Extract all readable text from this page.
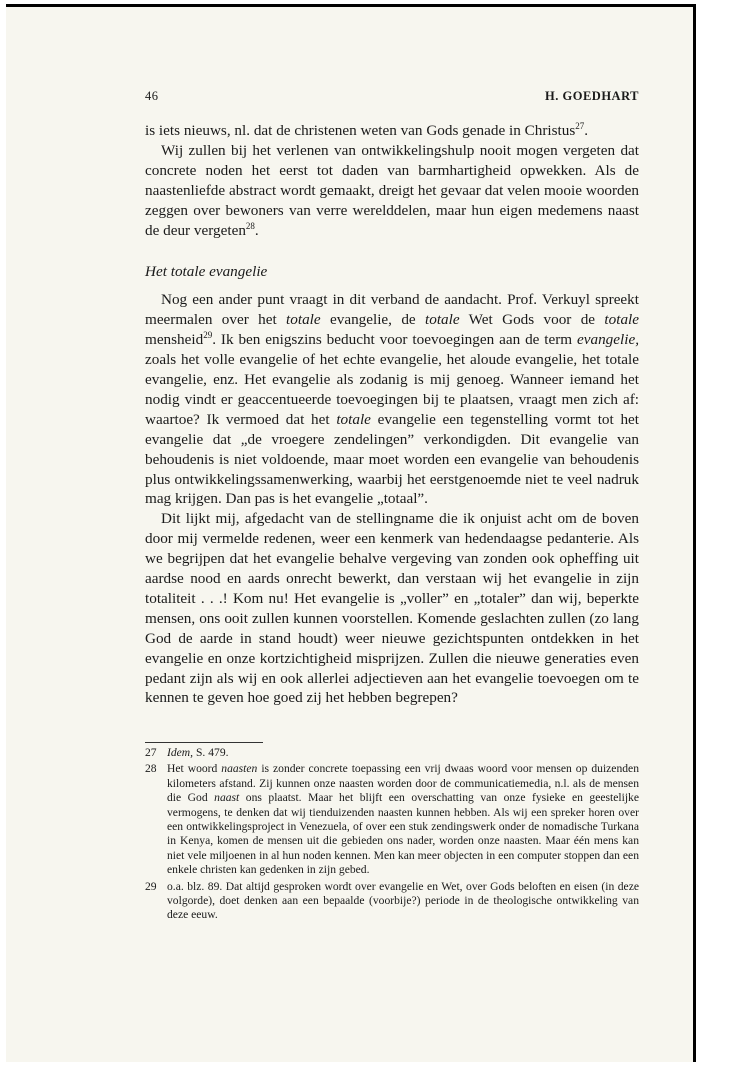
46	H. GOEDHART

is iets nieuws, nl. dat de christenen weten van Gods genade in Christus$^{27}$.

Wij zullen bij het verlenen van ontwikkelingshulp nooit mogen vergeten dat concrete noden het eerst tot daden van barmhartigheid opwekken. Als de naastenliefde abstract wordt gemaakt, dreigt het gevaar dat velen mooie woorden zeggen over bewoners van verre werelddelen, maar hun eigen medemens naast de deur vergeten$^{28}$.

Het totale evangelie

Nog een ander punt vraagt in dit verband de aandacht. Prof. Verkuyl spreekt meermalen over het totale evangelie, de totale Wet Gods voor de totale mensheid$^{29}$. Ik ben enigszins beducht voor toevoegingen aan de term evangelie, zoals het volle evangelie of het echte evangelie, het aloude evangelie, het totale evangelie, enz. Het evangelie als zodanig is mij genoeg. Wanneer iemand het nodig vindt er geaccentueerde toevoegingen bij te plaatsen, vraagt men zich af: waartoe? Ik vermoed dat het totale evangelie een tegenstelling vormt tot het evangelie dat „de vroegere zendelingen” verkondigden. Dit evangelie van behoudenis is niet voldoende, maar moet worden een evangelie van behoudenis plus ontwikkelingssamenwerking, waarbij het eerstgenoemde niet te veel nadruk mag krijgen. Dan pas is het evangelie „totaal”.

Dit lijkt mij, afgedacht van de stellingname die ik onjuist acht om de boven door mij vermelde redenen, weer een kenmerk van hedendaagse pedanterie. Als we begrijpen dat het evangelie behalve vergeving van zonden ook opheffing uit aardse nood en aards onrecht bewerkt, dan verstaan wij het evangelie in zijn totaliteit . . .! Kom nu! Het evangelie is „voller” en „totaler” dan wij, beperkte mensen, ons ooit zullen kunnen voorstellen. Komende geslachten zullen (zo lang God de aarde in stand houdt) weer nieuwe gezichtspunten ontdekken in het evangelie en onze kortzichtigheid misprijzen. Zullen die nieuwe generaties even pedant zijn als wij en ook allerlei adjectieven aan het evangelie toevoegen om te kennen te geven hoe goed zij het hebben begrepen?

27 Idem, S. 479.
28 Het woord naasten is zonder concrete toepassing een vrij dwaas woord voor mensen op duizenden kilometers afstand. Zij kunnen onze naasten worden door de communicatiemedia, n.l. als de mensen die God naast ons plaatst. Maar het blijft een overschatting van onze fysieke en geestelijke vermogens, te denken dat wij tienduizenden naasten kunnen hebben. Als wij een spreker horen over een ontwikkelingsproject in Venezuela, of over een stuk zendingswerk onder de nomadische Turkana in Kenya, komen de mensen uit die gebieden ons nader, worden onze naasten. Maar één mens kan niet vele miljoenen in al hun noden kennen. Men kan meer objecten in een computer stoppen dan een enkele christen kan gedenken in zijn gebed.
29 o.a. blz. 89. Dat altijd gesproken wordt over evangelie en Wet, over Gods beloften en eisen (in deze volgorde), doet denken aan een bepaalde (voorbije?) periode in de theologische ontwikkeling van deze eeuw.
